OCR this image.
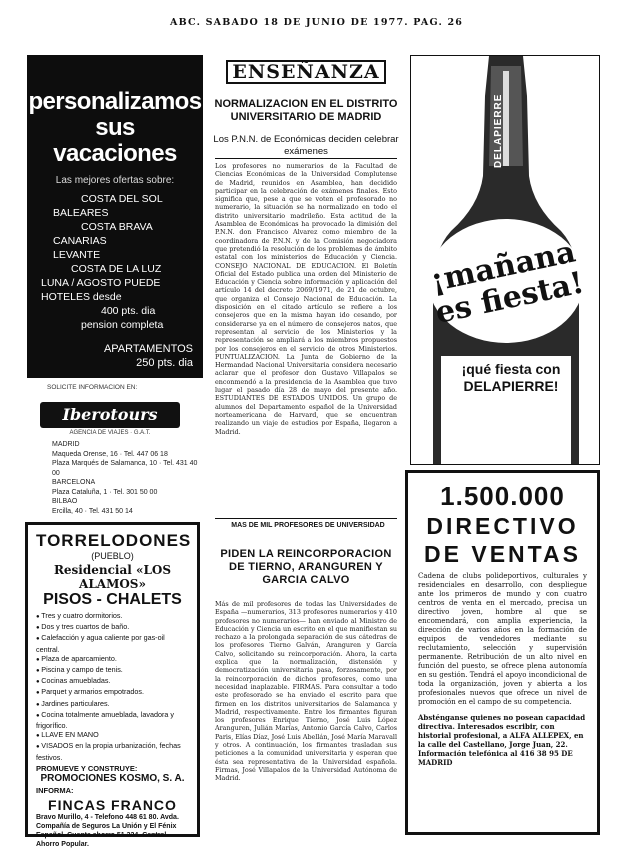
ABC. SABADO 18 DE JUNIO DE 1977. PAG. 26
personalizamos
sus
vacaciones
Las mejores ofertas sobre:
COSTA DEL SOL
BALEARES
COSTA BRAVA
CANARIAS
LEVANTE
COSTA DE LA LUZ
LUNA / AGOSTO PUEDE
HOTELES desde
400 pts. dia
pension completa
APARTAMENTOS
250 pts. dia
SOLICITE INFORMACION EN:
Iberotours
AGENCIA DE VIAJES · G.A.T.
MADRID
Maqueda Orense, 16 · Tel. 447 06 18
Plaza Marqués de Salamanca, 10 · Tel. 431 40 00
BARCELONA
Plaza Cataluña, 1 · Tel. 301 50 00
BILBAO
Ercilla, 40 · Tel. 431 50 14
TORRELODONES
(PUEBLO)
Residencial «LOS ALAMOS»
PISOS - CHALETS
● Tres y cuatro dormitorios.
● Dos y tres cuartos de baño.
● Calefacción y agua caliente por gas-oil central.
● Plaza de aparcamiento.
● Piscina y campo de tenis.
● Cocinas amuebladas.
● Parquet y armarios empotrados.
● Jardines particulares.
● Cocina totalmente amueblada, lavadora y frigorífico.
● LLAVE EN MANO
● VISADOS en la propia urbanización, fechas festivos.
PROMUEVE Y CONSTRUYE:
PROMOCIONES KOSMO, S. A.
INFORMA:
FINCAS FRANCO
Bravo Murillo, 4 - Telefono 448 61 80. Avda. Compañía de Seguros La Unión y El Fénix Español. Cuenta ahorro 51.324. Central Ahorro Popular.
ENSEÑANZA
NORMALIZACION EN EL DISTRITO UNIVERSITARIO DE MADRID
Los P.N.N. de Económicas deciden celebrar exámenes
Los profesores no numerarios de la Facultad de Ciencias Económicas de la Universidad Complutense de Madrid, reunidos en Asamblea, han decidido participar en la celebración de exámenes finales. Esto significa que, pese a que se voten el profesorado no numerario, la situación se ha normalizado en todo el distrito universitario madrileño. Esta actitud de la Asamblea de Económicas ha provocado la dimisión del P.N.N. don Francisco Alvarez como miembro de la coordinadora de P.N.N. y de la Comisión negociadora que pretendió la resolución de los problemas de ámbito estatal con los ministerios de Educación y Ciencia. CONSEJO NACIONAL DE EDUCACION. El Boletín Oficial del Estado publica una orden del Ministerio de Educación y Ciencia sobre información y aplicación del artículo 14 del decreto 2069/1971, de 21 de octubre, que organiza el Consejo Nacional de Educación. La disposición en el citado artículo se refiere a los consejeros que en la misma hayan ido cesando, por considerarse ya en el número de consejeros natos, que representan al servicio de los Ministerios y la representación se ampliará a los miembros propuestos por los consejeros en el servicio de otros Ministerios. PUNTUALIZACION. La Junta de Gobierno de la Hermandad Nacional Universitaria considera necesario aclarar que el profesor don Gustavo Villapalos se enconmendó a la presidencia de la Asamblea que tuvo lugar el pasado día 28 de mayo del presente año. ESTUDIANTES DE ESTADOS UNIDOS. Un grupo de alumnos del Departamento español de la Universidad norteamericana de Harvard, que se encuentran realizando un viaje de estudios por España, llegaron a Madrid.
MAS DE MIL PROFESORES DE UNIVERSIDAD
PIDEN LA REINCORPORACION DE TIERNO, ARANGUREN Y GARCIA CALVO
Más de mil profesores de todas las Universidades de España —numerarios, 313 profesores numerarios y 410 profesores no numerarios— han enviado al Ministro de Educación y Ciencia un escrito en el que manifiestan su rechazo a la prolongada separación de sus cátedras de los profesores Tierno Galván, Aranguren y García Calvo, solicitando su reincorporación. Ahora, la carta explica que la normalización, distensión y democratización universitaria pasa, forzosamente, por la reincorporación de dichos profesores, como una necesidad inaplazable. FIRMAS. Para consultar a todo este profesorado se ha enviado el escrito para que firmen en los distritos universitarios de Salamanca y Madrid, respectivamente. Entre los firmantes figuran los profesores Enrique Tierno, José Luis López Aranguren, Julián Marías, Antonio García Calvo, Carlos Paris, Elías Díaz, José Luis Abellán, José María Maravall y otros. A continuación, los firmantes trasladan sus peticiones a la comunidad universitaria y esperan que ésta sea representativa de la Universidad española. Firmas, José Villapalos de la Universidad Autónoma de Madrid.
DELAPIERRE
¡mañana es fiesta!
¡qué fiesta con DELAPIERRE!
1.500.000
DIRECTIVO
DE VENTAS
Cadena de clubs polideportivos, culturales y residenciales en desarrollo, con despliegue ante los primeros de mundo y con cuatro centros de venta en el mercado, precisa un directivo joven, hombre al que se encomendará, con amplia experiencia, la dirección de varios años en la formación de equipos de vendedores mediante su reclutamiento, selección y supervisión permanente. Retribución de un alto nivel en función del puesto, se ofrece plena autonomía en su gestión. Tendrá el apoyo incondicional de toda la organización, joven y abierta a los profesionales nuevos que ofrece un nivel de promoción en el campo de su competencia.
Absténganse quienes no posean capacidad directiva. Interesados escribir, con historial profesional, a ALFA ALLEPEX, en la calle del Castellano, Jorge Juan, 22. Información telefónica al 416 38 95 DE MADRID
